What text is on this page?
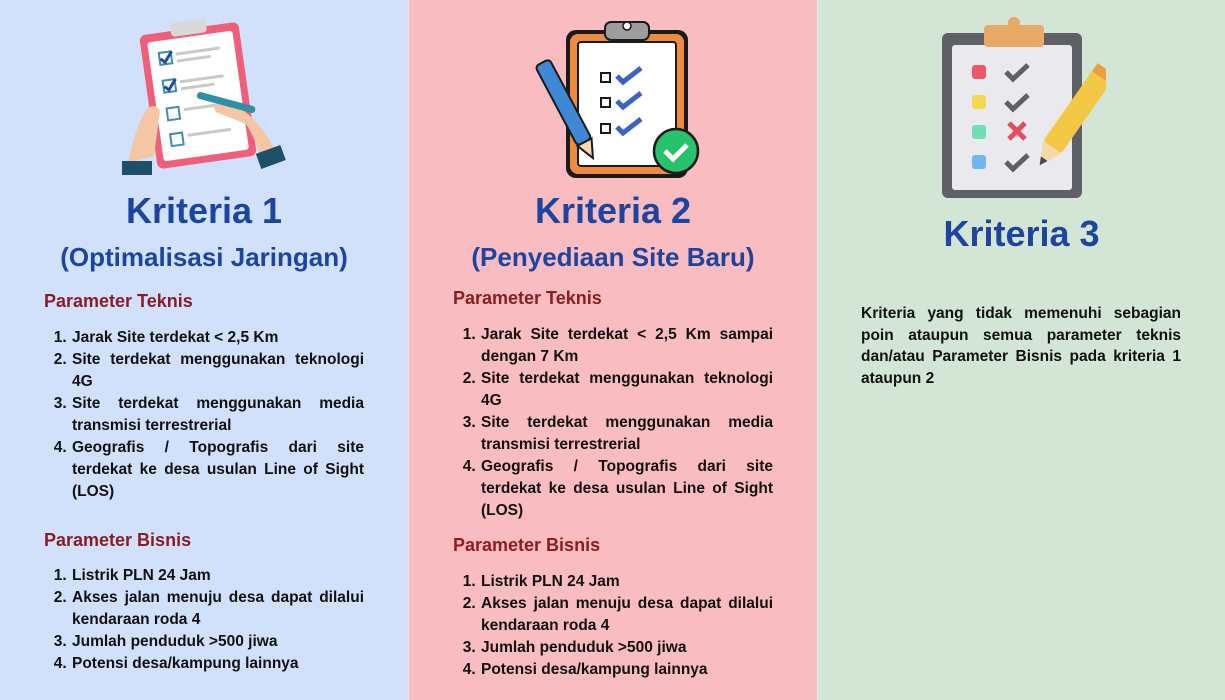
Kriteria 1
(Optimalisasi Jaringan)
Parameter Teknis
1. Jarak Site terdekat < 2,5 Km
2. Site terdekat menggunakan teknologi 4G
3. Site terdekat menggunakan media transmisi terrestrerial
4. Geografis / Topografis dari site terdekat ke desa usulan Line of Sight (LOS)
Parameter Bisnis
1. Listrik PLN 24 Jam
2. Akses jalan menuju desa dapat dilalui kendaraan roda 4
3. Jumlah penduduk >500 jiwa
4. Potensi desa/kampung lainnya
Kriteria 2
(Penyediaan Site Baru)
Parameter Teknis
1. Jarak Site terdekat < 2,5 Km sampai dengan 7 Km
2. Site terdekat menggunakan teknologi 4G
3. Site terdekat menggunakan media transmisi terrestrerial
4. Geografis / Topografis dari site terdekat ke desa usulan Line of Sight (LOS)
Parameter Bisnis
1. Listrik PLN 24 Jam
2. Akses jalan menuju desa dapat dilalui kendaraan roda 4
3. Jumlah penduduk >500 jiwa
4. Potensi desa/kampung lainnya
Kriteria 3

Kriteria yang tidak memenuhi sebagian poin ataupun semua parameter teknis dan/atau Parameter Bisnis pada kriteria 1 ataupun 2
